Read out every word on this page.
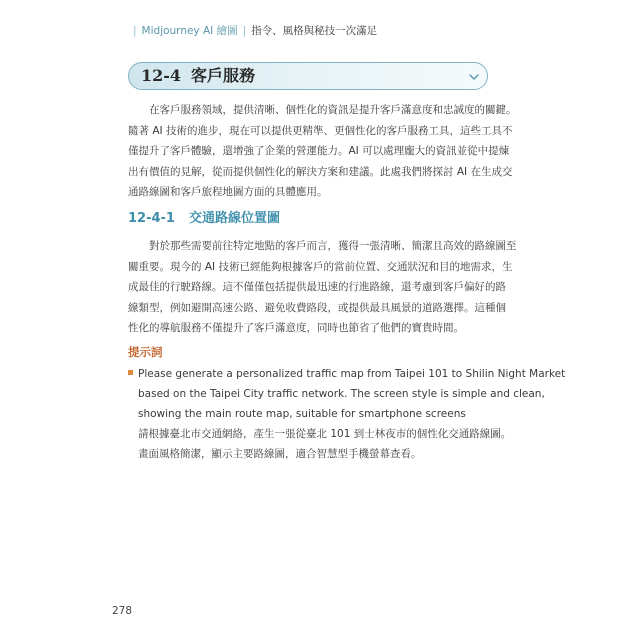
| Midjourney AI 繪圖 | 指令、風格與秘技一次滿足
12-4 客戶服務
在客戶服務領域，提供清晰、個性化的資訊是提升客戶滿意度和忠誠度的關鍵。
隨著 AI 技術的進步，現在可以提供更精準、更個性化的客戶服務工具，這些工具不
僅提升了客戶體驗，還增強了企業的營運能力。AI 可以處理龐大的資訊並從中提煉
出有價值的見解，從而提供個性化的解決方案和建議。此處我們將探討 AI 在生成交
通路線圖和客戶旅程地圖方面的具體應用。
12-4-1 交通路線位置圖
對於那些需要前往特定地點的客戶而言，獲得一張清晰、簡潔且高效的路線圖至
關重要。現今的 AI 技術已經能夠根據客戶的當前位置、交通狀況和目的地需求，生
成最佳的行駛路線。這不僅僅包括提供最迅速的行進路線，還考慮到客戶偏好的路
線類型，例如避開高速公路、避免收費路段，或提供最具風景的道路選擇。這種個
性化的導航服務不僅提升了客戶滿意度，同時也節省了他們的寶貴時間。
提示詞
Please generate a personalized traffic map from Taipei 101 to Shilin Night Market
based on the Taipei City traffic network. The screen style is simple and clean,
showing the main route map, suitable for smartphone screens
請根據臺北市交通網絡，產生一張從臺北 101 到士林夜市的個性化交通路線圖。
畫面風格簡潔，顯示主要路線圖，適合智慧型手機螢幕查看。
278
